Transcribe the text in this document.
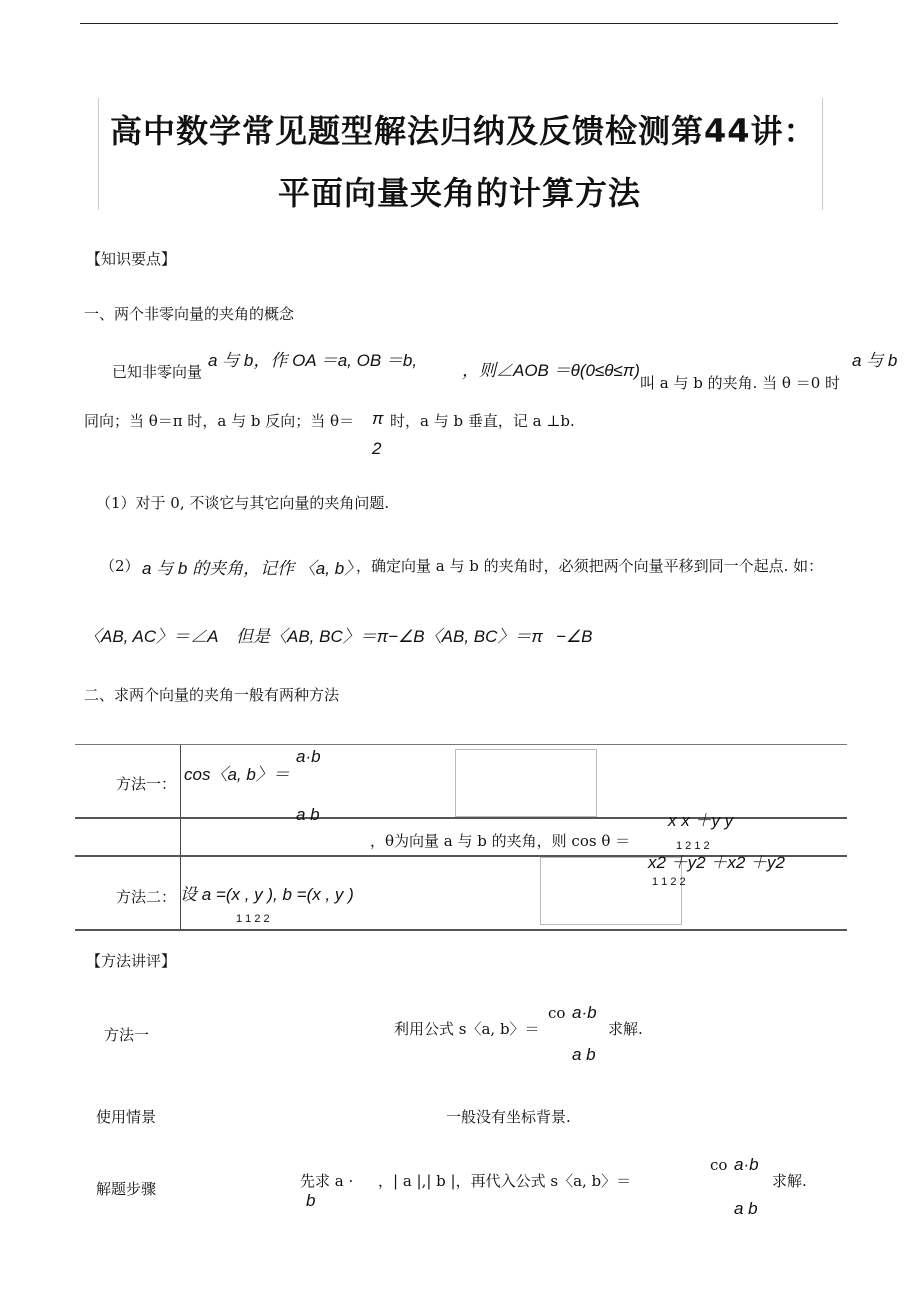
高中数学常见题型解法归纳及反馈检测第44讲：
平面向量夹角的计算方法
【知识要点】
一、两个非零向量的夹角的概念
已知非零向量
a 与 b，作 OA ＝a, OB ＝b,
，则∠AOB ＝θ(0≤θ≤π)
叫 a 与 b 的夹角. 当 θ ＝0 时
a 与 b
同向；当 θ＝π 时，a 与 b 反向；当 θ＝ π
2
时，a 与 b 垂直，记 a ⊥b.
（1）对于 0, 不谈它与其它向量的夹角问题.
（2） a 与 b 的夹角，记作 〈a, b〉
，确定向量 a 与 b 的夹角时，必须把两个向量平移到同一个起点. 如：
〈AB, AC〉＝∠A 但是〈AB, BC〉＝π−∠B〈AB, BC〉＝π −∠B
二、求两个向量的夹角一般有两种方法
方法一： cos〈a, b〉＝
a·b
a b
，θ为向量 a 与 b 的夹角，则 cos θ ＝
x x ＋y y
1 2 1 2
方法二： 设 a =(x , y ), b =(x , y )
1 1 2 2
x2 ＋y2 ＋x2 ＋y2
1 1 2 2
【方法讲评】
方法一	利用公式 s〈a, b〉＝
co a·b
a b
求解.
使用情景	一般没有坐标背景.
解题步骤	先求 a ·
b
，| a |,| b |，再代入公式 s〈a, b〉＝
co a·b
a b
求解.
